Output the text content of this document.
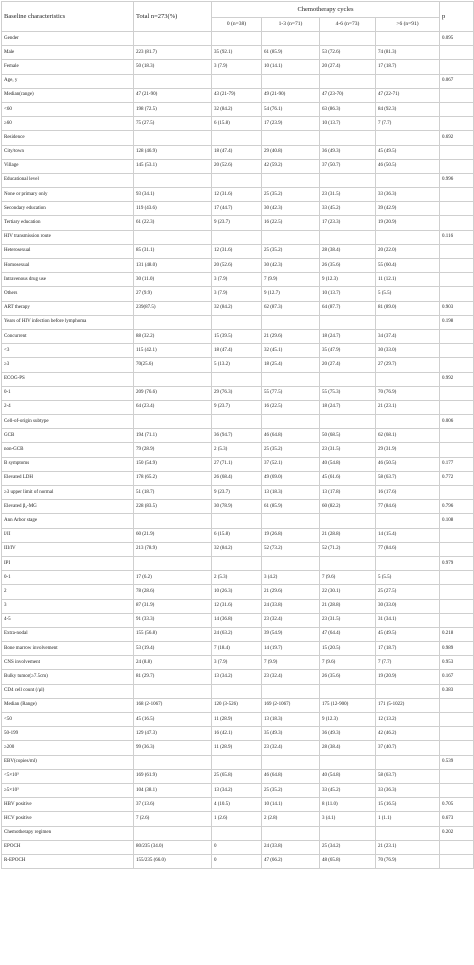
Baseline characteristics	Total n=273(%)	Chemotherapy cycles				p
		0 (n=38)	1-3 (n=71)	4-6 (n=73)	>6 (n=91)	
Gender						0.095
Male	223 (81.7)	35 (92.1)	61 (85.9)	53 (72.6)	74 (81.3)	
Female	50 (18.3)	3 (7.9)	10 (14.1)	20 (27.4)	17 (18.7)	
Age, y						0.067
Median(range)	47 (21-90)	43 (21-79)	49 (21-90)	47 (23-70)	47 (22-71)	
<60	198 (72.5)	32 (84.2)	54 (76.1)	63 (86.3)	84 (92.3)	
≥60	75 (27.5)	6 (15.8)	17 (23.9)	10 (13.7)	7 (7.7)	
Residence						0.692
City/town	128 (46.9)	18 (47.4)	29 (40.8)	36 (49.3)	45 (49.5)	
Village	145 (53.1)	20 (52.6)	42 (59.2)	37 (50.7)	46 (50.5)	
Educational level						0.996
None or primary only	93 (34.1)	12 (31.6)	25 (35.2)	23 (31.5)	33 (36.3)	
Secondary education	119 (43.6)	17 (44.7)	30 (42.3)	33 (45.2)	39 (42.9)	
Tertiary education	61 (22.3)	9 (23.7)	16 (22.5)	17 (23.3)	19 (20.9)	
HIV transmission route						0.116
Heterosexual	85 (31.1)	12 (31.6)	25 (35.2)	28 (38.4)	20 (22.0)	
Homosexual	131 (48.0)	20 (52.6)	30 (42.3)	26 (35.6)	55 (60.4)	
Intravenous drug use	30 (11.0)	3 (7.9)	7 (9.9)	9 (12.3)	11 (12.1)	
Others	27 (9.9)	3 (7.9)	9 (12.7)	10 (13.7)	5 (5.5)	
ART therapy	239(87.5)	32 (84.2)	62 (87.3)	64 (87.7)	81 (89.0)	0.903
Years of HIV infection before lymphoma						0.198
Concurrent	88 (32.2)	15 (39.5)	21 (29.6)	18 (24.7)	34 (37.4)	
<3	115 (42.1)	18 (47.4)	32 (45.1)	35 (47.9)	30 (33.0)	
≥3	70(25.6)	5 (13.2)	18 (25.4)	20 (27.4)	27 (29.7)	
ECOG-PS						0.992
0-1	209 (76.6)	29 (76.3)	55 (77.5)	55 (75.3)	70 (76.9)	
2-4	64 (23.4)	9 (23.7)	16 (22.5)	18 (24.7)	21 (23.1)	
Cell-of-origin subtype						0.006
GCB	194 (71.1)	36 (94.7)	46 (64.8)	50 (68.5)	62 (68.1)	
non-GCB	79 (28.9)	2 (5.3)	25 (35.2)	23 (31.5)	29 (31.9)	
B symptoms	150 (54.9)	27 (71.1)	37 (52.1)	40 (54.8)	46 (50.5)	0.177
Elevated LDH	178 (65.2)	26 (68.4)	49 (69.0)	45 (61.6)	58 (63.7)	0.772
≥3 upper limit of normal	51 (18.7)	9 (23.7)	13 (18.3)	13 (17.8)	16 (17.6)	
Elevated β₂-MG	228 (83.5)	30 (78.9)	61 (85.9)	60 (82.2)	77 (84.6)	0.796
Ann Arbor stage						0.108
I/II	60 (21.9)	6 (15.8)	19 (26.8)	21 (28.8)	14 (15.4)	
III/IV	213 (78.9)	32 (84.2)	52 (73.2)	52 (71.2)	77 (84.6)	
IPI						0.979
0-1	17 (6.2)	2 (5.3)	3 (4.2)	7 (9.6)	5 (5.5)	
2	78 (28.6)	10 (26.3)	21 (29.6)	22 (30.1)	25 (27.5)	
3	87 (31.9)	12 (31.6)	24 (33.8)	21 (28.8)	30 (33.0)	
4-5	91 (33.3)	14 (36.8)	23 (32.4)	23 (31.5)	31 (34.1)	
Extra-nodal	155 (56.8)	24 (63.2)	39 (54.9)	47 (64.4)	45 (49.5)	0.218
Bone marrow involvement	53 (19.4)	7 (18.4)	14 (19.7)	15 (20.5)	17 (18.7)	0.989
CNS involvement	24 (8.8)	3 (7.9)	7 (9.9)	7 (9.6)	7 (7.7)	0.953
Bulky tumor(≥7.5cm)	81 (29.7)	13 (34.2)	23 (32.4)	26 (35.6)	19 (20.9)	0.167
CD4 cell count (/μl)						0.383
Median (Range)	168 (2-1067)	120 (3-526)	169 (2-1067)	175 (12-900)	171 (5-1022)	
<50	45 (16.5)	11 (28.9)	13 (18.3)	9 (12.3)	12 (13.2)	
50-199	129 (47.3)	16 (42.1)	35 (49.3)	36 (49.3)	42 (46.2)	
≥200	99 (36.3)	11 (28.9)	23 (32.4)	28 (38.4)	37 (40.7)	
EBV(copies/ml)						0.539
<5×10³	169 (61.9)	25 (65.8)	46 (64.8)	40 (54.8)	58 (63.7)	
≥5×10³	104 (38.1)	13 (34.2)	25 (35.2)	33 (45.2)	33 (36.3)	
HBV positive	37 (13.6)	4 (10.5)	10 (14.1)	8 (11.0)	15 (16.5)	0.705
HCV positive	7 (2.6)	1 (2.6)	2 (2.8)	3 (4.1)	1 (1.1)	0.673
Chemotherapy regimen						0.202
EPOCH	80/235 (34.0)	0	24 (33.8)	25 (34.2)	21 (23.1)	
R-EPOCH	155/235 (66.0)	0	47 (66.2)	48 (65.8)	70 (76.9)	
